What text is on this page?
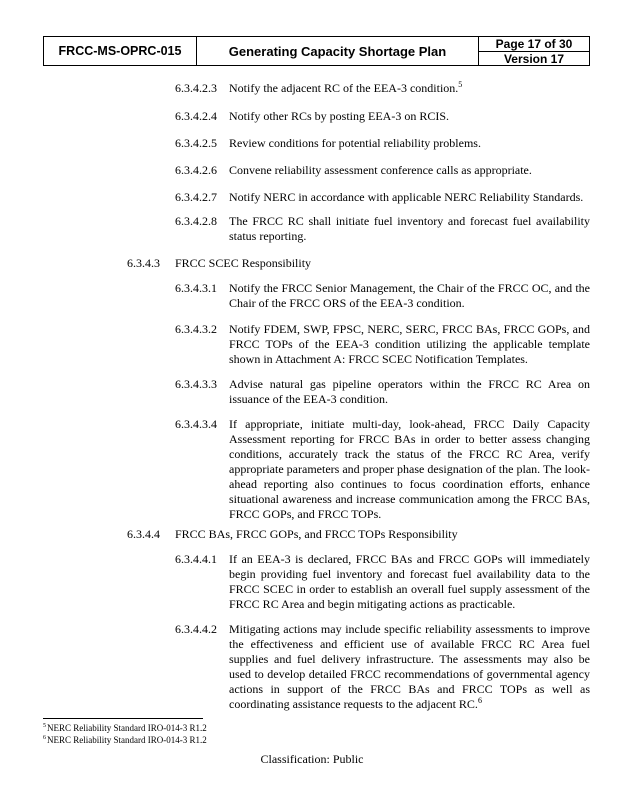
FRCC-MS-OPRC-015	Generating Capacity Shortage Plan	Page 17 of 30
Version 17
6.3.4.2.3	Notify the adjacent RC of the EEA-3 condition.$^5$
6.3.4.2.4	Notify other RCs by posting EEA-3 on RCIS.
6.3.4.2.5	Review conditions for potential reliability problems.
6.3.4.2.6	Convene reliability assessment conference calls as appropriate.
6.3.4.2.7	Notify NERC in accordance with applicable NERC Reliability Standards.
6.3.4.2.8	The FRCC RC shall initiate fuel inventory and forecast fuel availability status reporting.
6.3.4.3	FRCC SCEC Responsibility
6.3.4.3.1	Notify the FRCC Senior Management, the Chair of the FRCC OC, and the Chair of the FRCC ORS of the EEA-3 condition.
6.3.4.3.2	Notify FDEM, SWP, FPSC, NERC, SERC, FRCC BAs, FRCC GOPs, and FRCC TOPs of the EEA-3 condition utilizing the applicable template shown in Attachment A: FRCC SCEC Notification Templates.
6.3.4.3.3	Advise natural gas pipeline operators within the FRCC RC Area on issuance of the EEA-3 condition.
6.3.4.3.4	If appropriate, initiate multi-day, look-ahead, FRCC Daily Capacity Assessment reporting for FRCC BAs in order to better assess changing conditions, accurately track the status of the FRCC RC Area, verify appropriate parameters and proper phase designation of the plan. The look-ahead reporting also continues to focus coordination efforts, enhance situational awareness and increase communication among the FRCC BAs, FRCC GOPs, and FRCC TOPs.
6.3.4.4	FRCC BAs, FRCC GOPs, and FRCC TOPs Responsibility
6.3.4.4.1	If an EEA-3 is declared, FRCC BAs and FRCC GOPs will immediately begin providing fuel inventory and forecast fuel availability data to the FRCC SCEC in order to establish an overall fuel supply assessment of the FRCC RC Area and begin mitigating actions as practicable.
6.3.4.4.2	Mitigating actions may include specific reliability assessments to improve the effectiveness and efficient use of available FRCC RC Area fuel supplies and fuel delivery infrastructure. The assessments may also be used to develop detailed FRCC recommendations of governmental agency actions in support of the FRCC BAs and FRCC TOPs as well as coordinating assistance requests to the adjacent RC.$^6$
$^5$NERC Reliability Standard IRO-014-3 R1.2
$^6$NERC Reliability Standard IRO-014-3 R1.2
Classification: Public
